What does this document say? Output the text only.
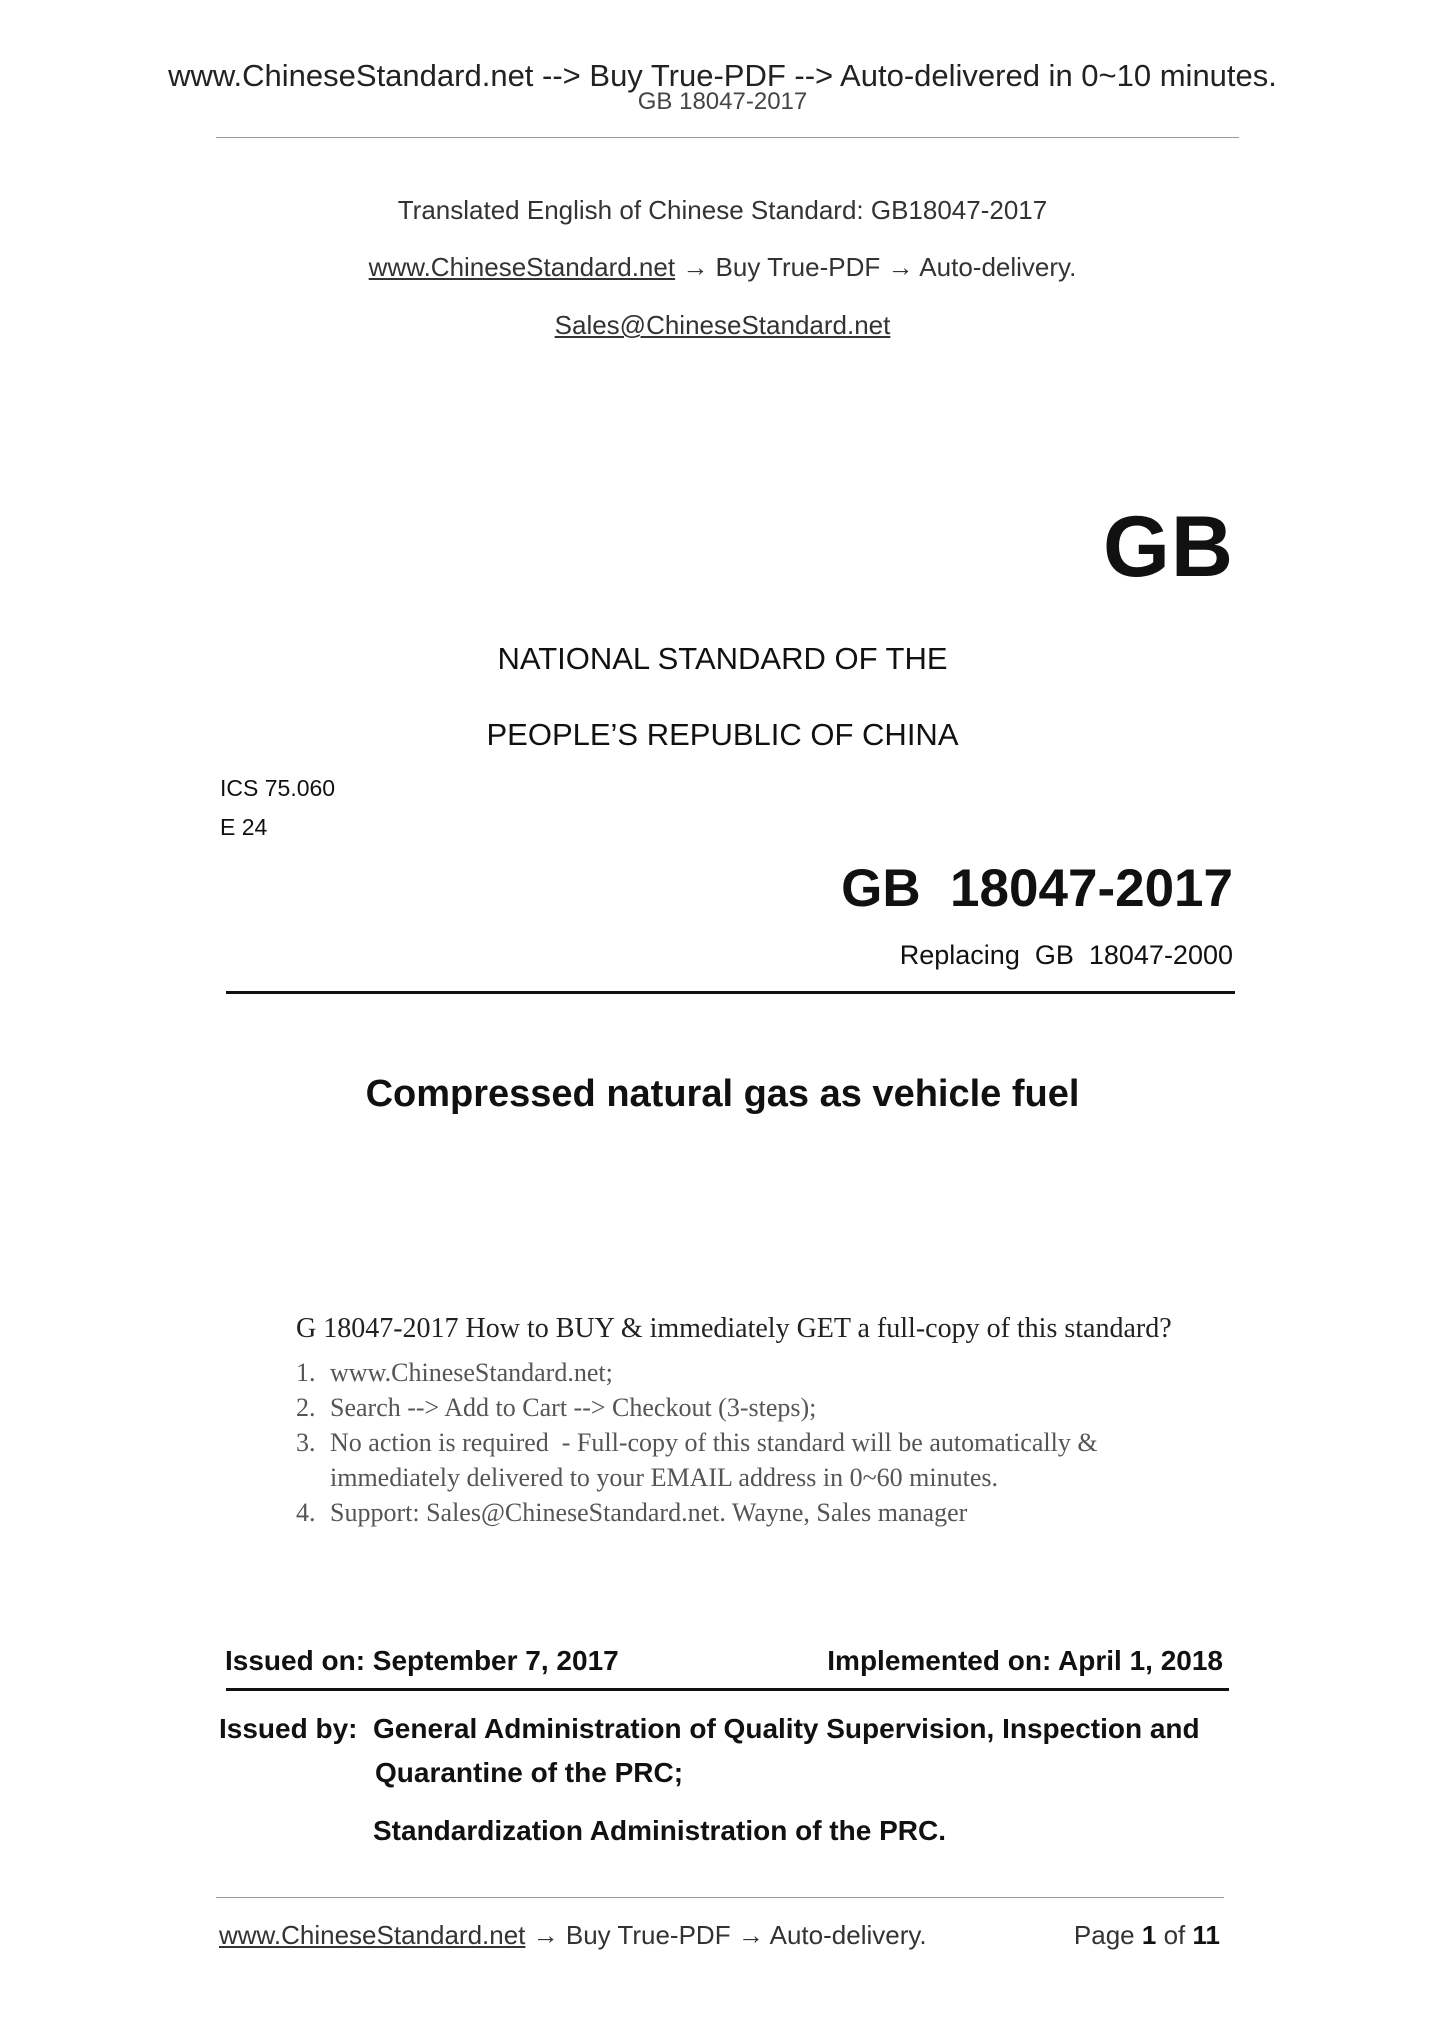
www.ChineseStandard.net --> Buy True-PDF --> Auto-delivered in 0~10 minutes.
GB 18047-2017
Translated English of Chinese Standard: GB18047-2017
www.ChineseStandard.net → Buy True-PDF → Auto-delivery.
Sales@ChineseStandard.net
GB
NATIONAL STANDARD OF THE
PEOPLE’S REPUBLIC OF CHINA
ICS 75.060
E 24
GB  18047-2017
Replacing  GB  18047-2000
Compressed natural gas as vehicle fuel
G 18047-2017 How to BUY & immediately GET a full-copy of this standard?
1. www.ChineseStandard.net;
2. Search --> Add to Cart --> Checkout (3-steps);
3. No action is required  - Full-copy of this standard will be automatically & immediately delivered to your EMAIL address in 0~60 minutes.
4. Support: Sales@ChineseStandard.net. Wayne, Sales manager
Issued on: September 7, 2017	Implemented on: April 1, 2018
Issued by: General Administration of Quality Supervision, Inspection and
Quarantine of the PRC;
Standardization Administration of the PRC.
www.ChineseStandard.net → Buy True-PDF → Auto-delivery.	Page 1 of 11
